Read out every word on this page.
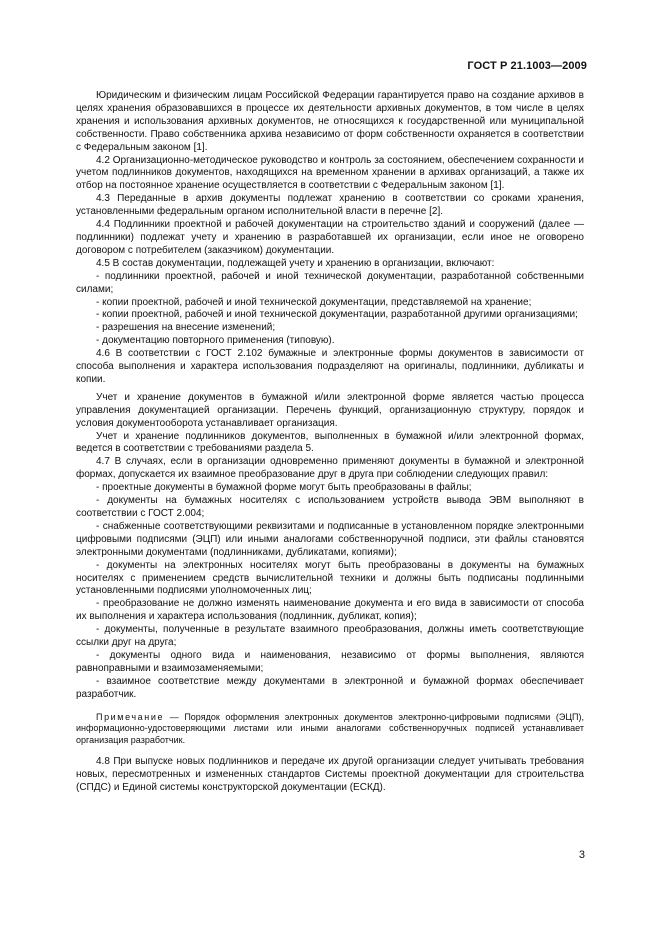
ГОСТ Р 21.1003—2009

Юридическим и физическим лицам Российской Федерации гарантируется право на создание архивов в целях хранения образовавшихся в процессе их деятельности архивных документов, в том числе в целях хранения и использования архивных документов, не относящихся к государственной или муниципальной собственности. Право собственника архива независимо от форм собственности охраняется в соответствии с Федеральным законом [1].

4.2 Организационно-методическое руководство и контроль за состоянием, обеспечением сохранности и учетом подлинников документов, находящихся на временном хранении в архивах организаций, а также их отбор на постоянное хранение осуществляется в соответствии с Федеральным законом [1].

4.3 Переданные в архив документы подлежат хранению в соответствии со сроками хранения, установленными федеральным органом исполнительной власти в перечне [2].

4.4 Подлинники проектной и рабочей документации на строительство зданий и сооружений (далее — подлинники) подлежат учету и хранению в разработавшей их организации, если иное не оговорено договором с потребителем (заказчиком) документации.

4.5 В состав документации, подлежащей учету и хранению в организации, включают:

- подлинники проектной, рабочей и иной технической документации, разработанной собственными силами;

- копии проектной, рабочей и иной технической документации, представляемой на хранение;

- копии проектной, рабочей и иной технической документации, разработанной другими организациями;

- разрешения на внесение изменений;

- документацию повторного применения (типовую).

4.6 В соответствии с ГОСТ 2.102 бумажные и электронные формы документов в зависимости от способа выполнения и характера использования подразделяют на оригиналы, подлинники, дубликаты и копии.

Учет и хранение документов в бумажной и/или электронной форме является частью процесса управления документацией организации. Перечень функций, организационную структуру, порядок и условия документооборота устанавливает организация.

Учет и хранение подлинников документов, выполненных в бумажной и/или электронной формах, ведется в соответствии с требованиями раздела 5.

4.7 В случаях, если в организации одновременно применяют документы в бумажной и электронной формах, допускается их взаимное преобразование друг в друга при соблюдении следующих правил:

- проектные документы в бумажной форме могут быть преобразованы в файлы;

- документы на бумажных носителях с использованием устройств вывода ЭВМ выполняют в соответствии с ГОСТ 2.004;

- снабженные соответствующими реквизитами и подписанные в установленном порядке электронными цифровыми подписями (ЭЦП) или иными аналогами собственноручной подписи, эти файлы становятся электронными документами (подлинниками, дубликатами, копиями);

- документы на электронных носителях могут быть преобразованы в документы на бумажных носителях с применением средств вычислительной техники и должны быть подписаны подлинными установленными подписями уполномоченных лиц;

- преобразование не должно изменять наименование документа и его вида в зависимости от способа их выполнения и характера использования (подлинник, дубликат, копия);

- документы, полученные в результате взаимного преобразования, должны иметь соответствующие ссылки друг на друга;

- документы одного вида и наименования, независимо от формы выполнения, являются равноправными и взаимозаменяемыми;

- взаимное соответствие между документами в электронной и бумажной формах обеспечивает разработчик.

Примечание — Порядок оформления электронных документов электронно-цифровыми подписями (ЭЦП), информационно-удостоверяющими листами или иными аналогами собственноручных подписей устанавливает организация разработчик.

4.8 При выпуске новых подлинников и передаче их другой организации следует учитывать требования новых, пересмотренных и измененных стандартов Системы проектной документации для строительства (СПДС) и Единой системы конструкторской документации (ЕСКД).

3
